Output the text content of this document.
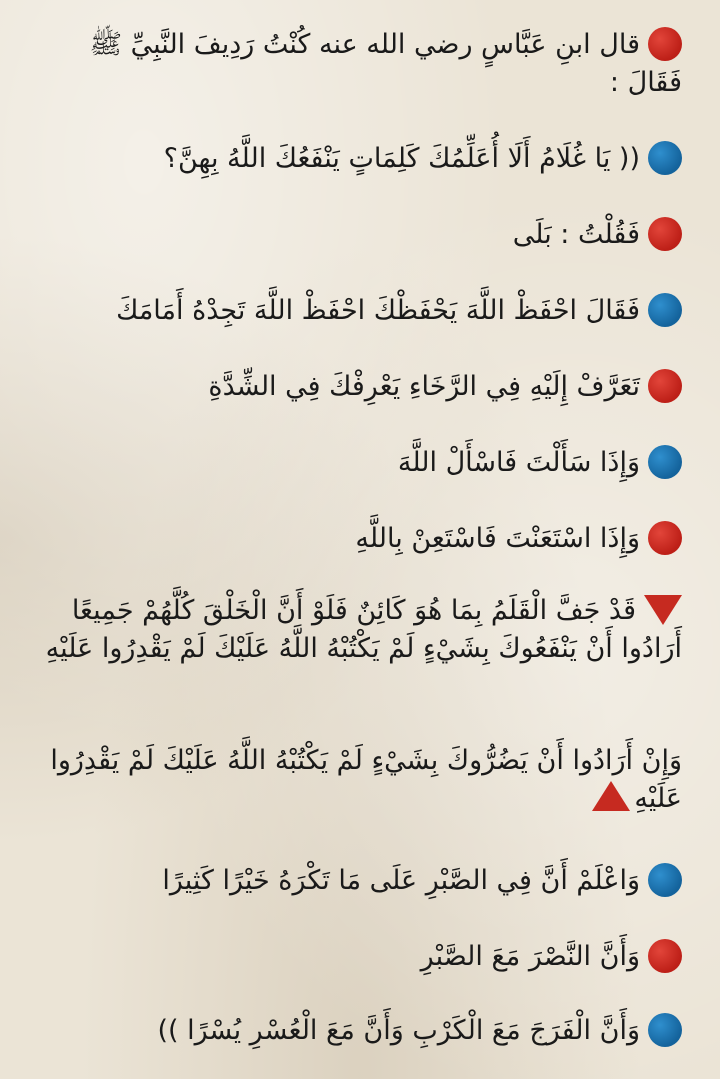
قال ابنِ عَبَّاسٍ رضي الله عنه كُنْتُ رَدِيفَ النَّبِيِّ ﷺ فَقَالَ :
(( يَا غُلَامُ أَلَا أُعَلِّمُكَ كَلِمَاتٍ يَنْفَعُكَ اللَّهُ بِهِنَّ؟
فَقُلْتُ : بَلَى
فَقَالَ احْفَظْ اللَّهَ يَحْفَظْكَ احْفَظْ اللَّهَ تَجِدْهُ أَمَامَكَ
تَعَرَّفْ إِلَيْهِ فِي الرَّخَاءِ يَعْرِفْكَ فِي الشِّدَّةِ
وَإِذَا سَأَلْتَ فَاسْأَلْ اللَّهَ
وَإِذَا اسْتَعَنْتَ فَاسْتَعِنْ بِاللَّهِ
قَدْ جَفَّ الْقَلَمُ بِمَا هُوَ كَائِنٌ فَلَوْ أَنَّ الْخَلْقَ كُلَّهُمْ جَمِيعًا أَرَادُوا أَنْ يَنْفَعُوكَ بِشَيْءٍ لَمْ يَكْتُبْهُ اللَّهُ عَلَيْكَ لَمْ يَقْدِرُوا عَلَيْهِ
وَإِنْ أَرَادُوا أَنْ يَضُرُّوكَ بِشَيْءٍ لَمْ يَكْتُبْهُ اللَّهُ عَلَيْكَ لَمْ يَقْدِرُوا عَلَيْهِ
وَاعْلَمْ أَنَّ فِي الصَّبْرِ عَلَى مَا تَكْرَهُ خَيْرًا كَثِيرًا
وَأَنَّ النَّصْرَ مَعَ الصَّبْرِ
وَأَنَّ الْفَرَجَ مَعَ الْكَرْبِ وَأَنَّ مَعَ الْعُسْرِ يُسْرًا ))
